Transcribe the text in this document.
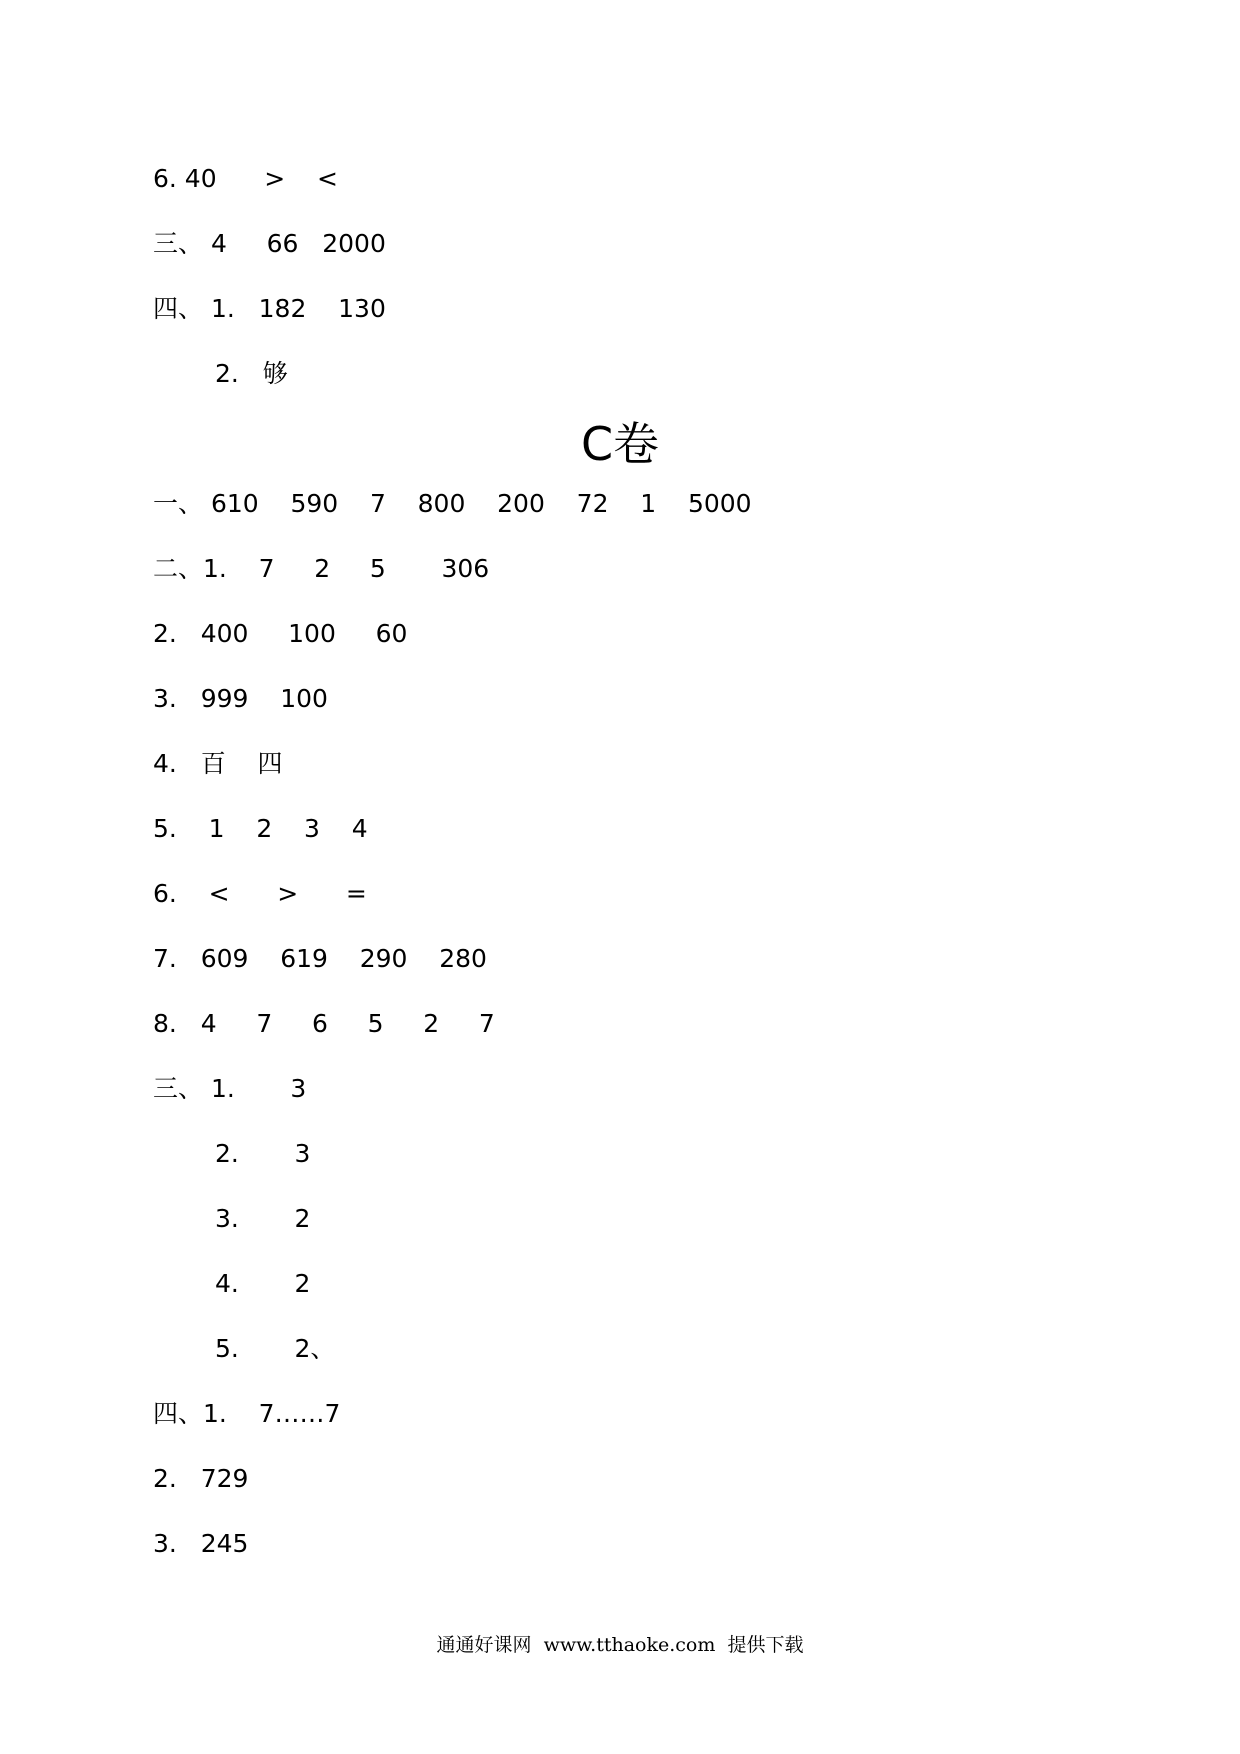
6. 40      >    <

三、 4     66   2000

四、 1.   182    130

2.   够

C卷

一、 610    590    7    800    200    72    1    5000

二、1.    7     2     5       306

2.   400     100     60

3.   999    100

4.   百    四

5.    1    2    3    4

6.    <      >      =

7.   609    619    290    280

8.   4     7     6     5     2     7

三、 1.       3

2.       3

3.       2

4.       2

5.       2、

四、1.    7……7

2.   729

3.   245

通通好课网  www.tthaoke.com  提供下载
